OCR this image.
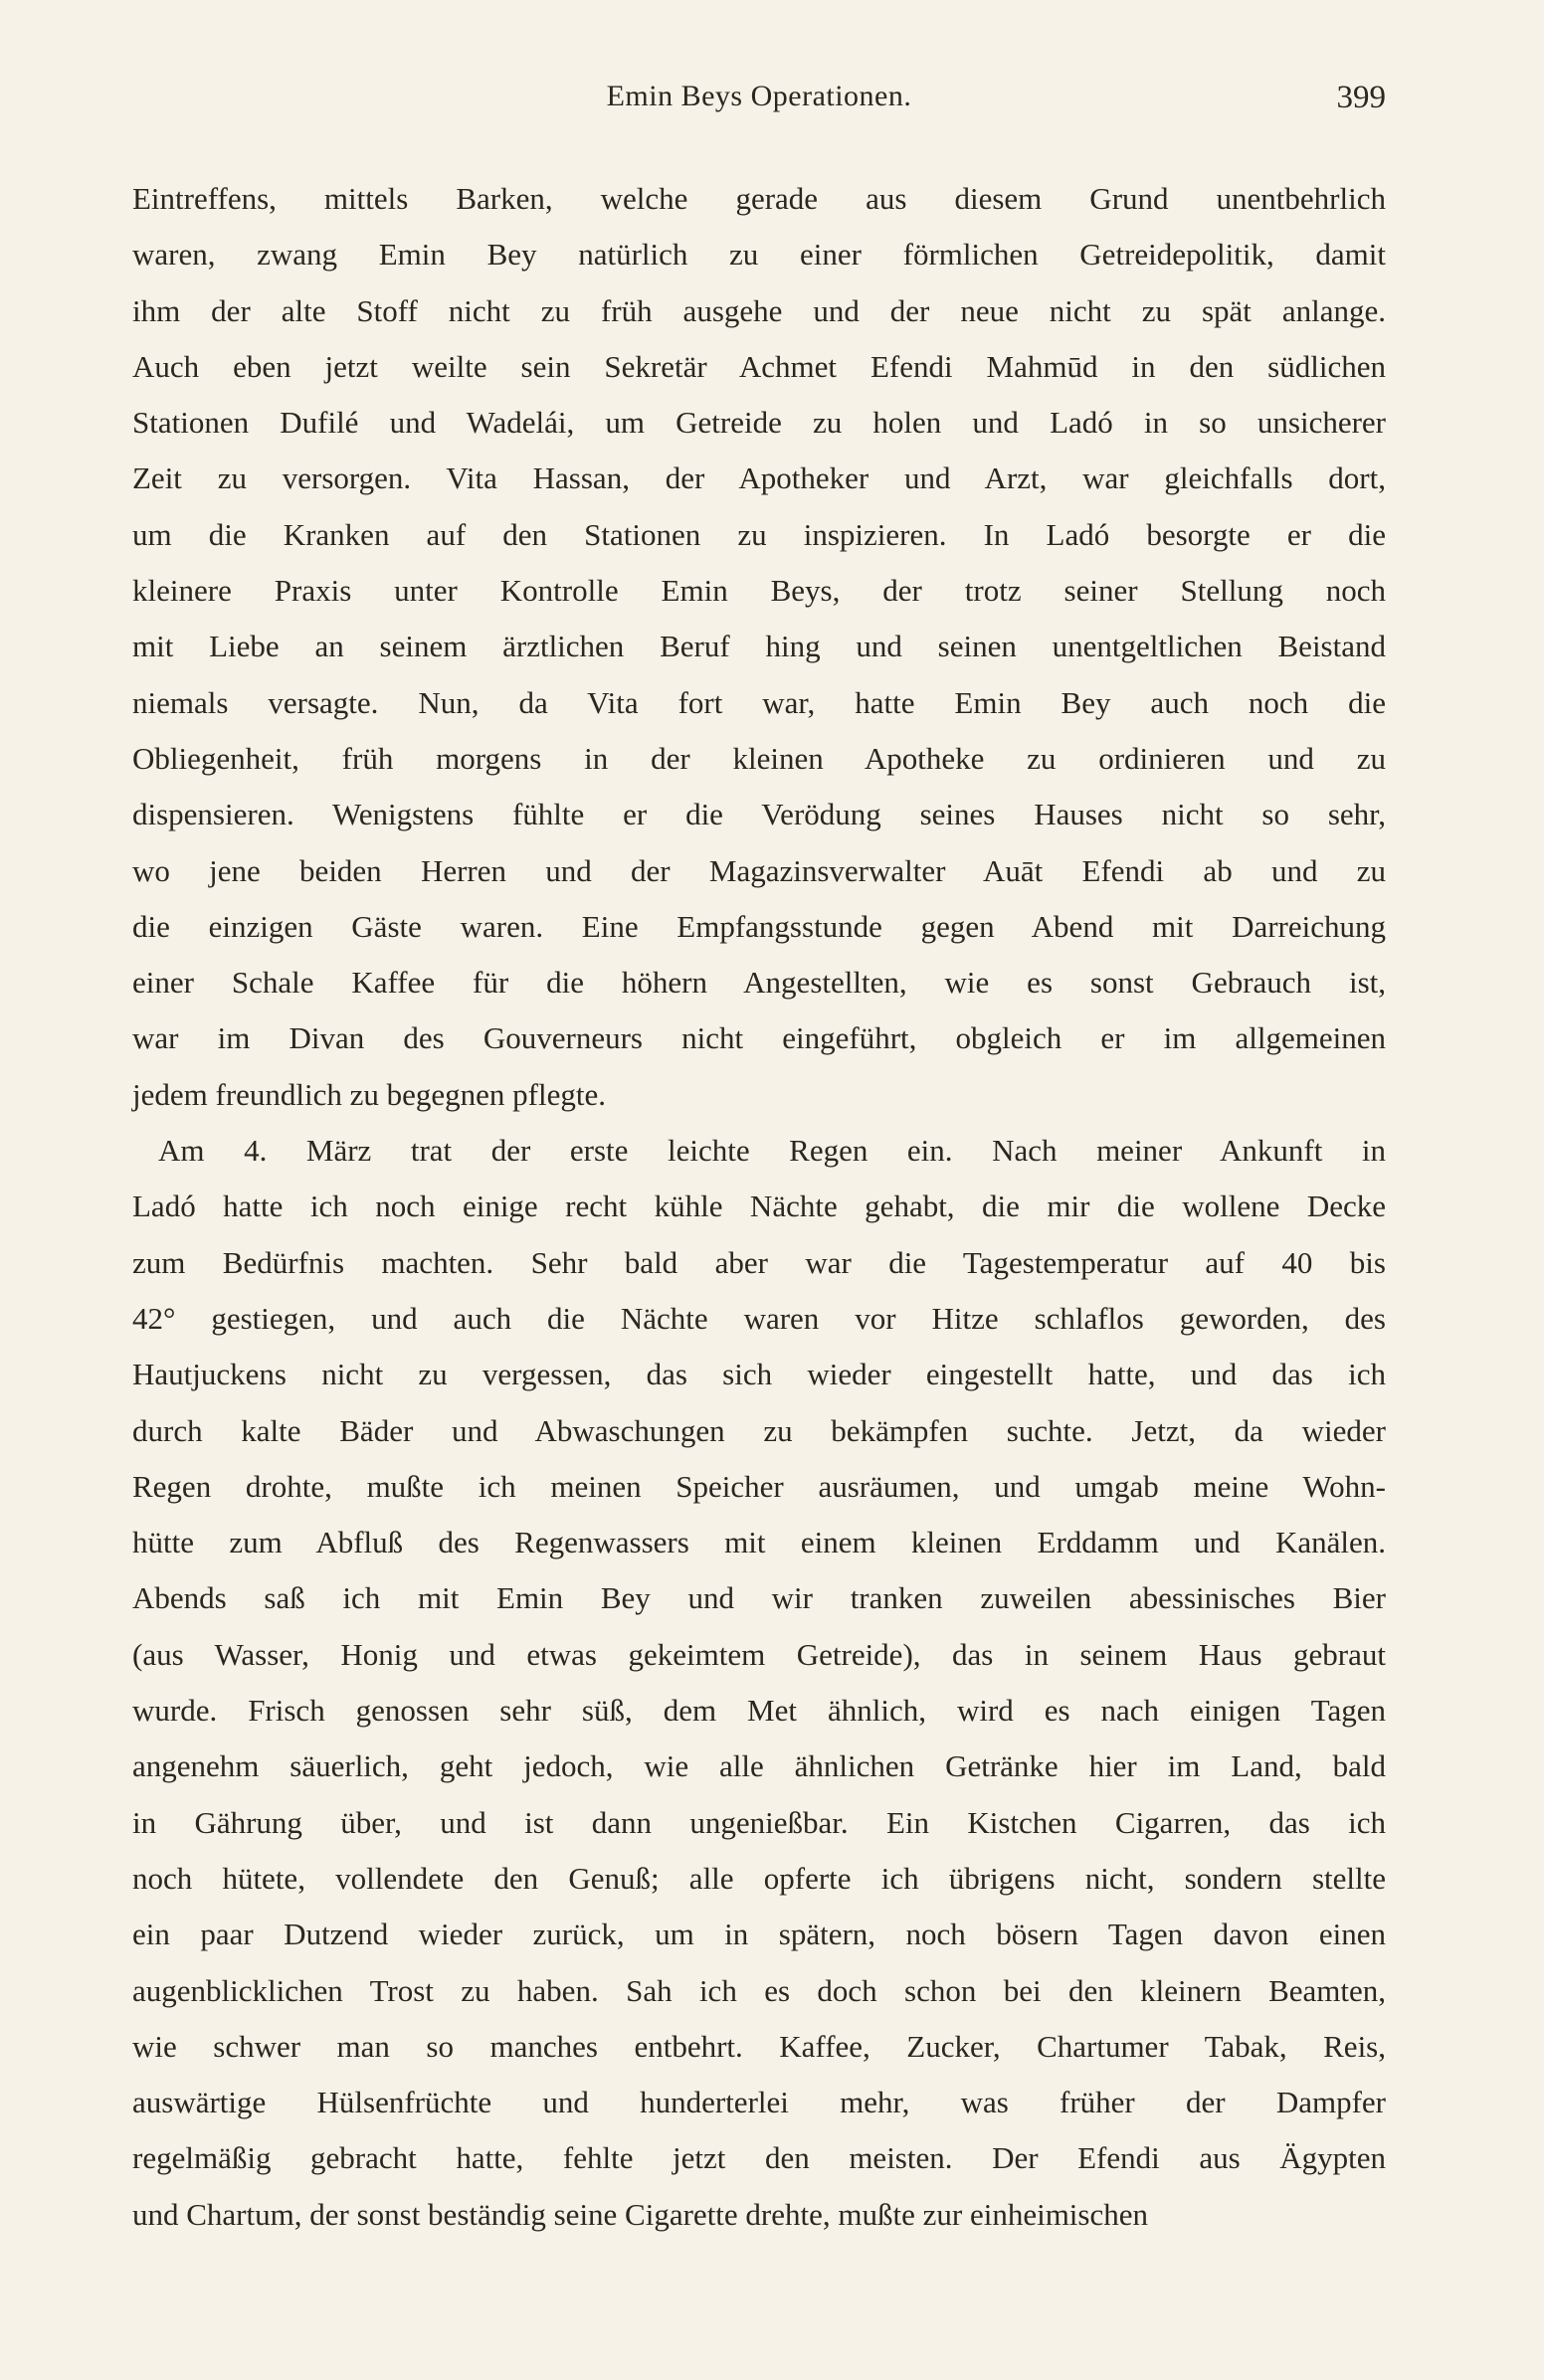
Emin Beys Operationen.	399
Eintreffens, mittels Barken, welche gerade aus diesem Grund unentbehrlich
waren, zwang Emin Bey natürlich zu einer förmlichen Getreidepolitik, damit
ihm der alte Stoff nicht zu früh ausgehe und der neue nicht zu spät anlange.
Auch eben jetzt weilte sein Sekretär Achmet Efendi Mahmūd in den südlichen
Stationen Dufilé und Wadelái, um Getreide zu holen und Ladó in so unsicherer
Zeit zu versorgen. Vita Hassan, der Apotheker und Arzt, war gleichfalls dort,
um die Kranken auf den Stationen zu inspizieren. In Ladó besorgte er die
kleinere Praxis unter Kontrolle Emin Beys, der trotz seiner Stellung noch
mit Liebe an seinem ärztlichen Beruf hing und seinen unentgeltlichen Beistand
niemals versagte. Nun, da Vita fort war, hatte Emin Bey auch noch die
Obliegenheit, früh morgens in der kleinen Apotheke zu ordinieren und zu
dispensieren. Wenigstens fühlte er die Verödung seines Hauses nicht so sehr,
wo jene beiden Herren und der Magazinsverwalter Auāt Efendi ab und zu
die einzigen Gäste waren. Eine Empfangsstunde gegen Abend mit Darreichung
einer Schale Kaffee für die höhern Angestellten, wie es sonst Gebrauch ist,
war im Divan des Gouverneurs nicht eingeführt, obgleich er im allgemeinen
jedem freundlich zu begegnen pflegte.
Am 4. März trat der erste leichte Regen ein. Nach meiner Ankunft in
Ladó hatte ich noch einige recht kühle Nächte gehabt, die mir die wollene Decke
zum Bedürfnis machten. Sehr bald aber war die Tagestemperatur auf 40 bis
42° gestiegen, und auch die Nächte waren vor Hitze schlaflos geworden, des
Hautjuckens nicht zu vergessen, das sich wieder eingestellt hatte, und das ich
durch kalte Bäder und Abwaschungen zu bekämpfen suchte. Jetzt, da wieder
Regen drohte, mußte ich meinen Speicher ausräumen, und umgab meine Wohn-
hütte zum Abfluß des Regenwassers mit einem kleinen Erddamm und Kanälen.
Abends saß ich mit Emin Bey und wir tranken zuweilen abessinisches Bier
(aus Wasser, Honig und etwas gekeimtem Getreide), das in seinem Haus gebraut
wurde. Frisch genossen sehr süß, dem Met ähnlich, wird es nach einigen Tagen
angenehm säuerlich, geht jedoch, wie alle ähnlichen Getränke hier im Land, bald
in Gährung über, und ist dann ungenießbar. Ein Kistchen Cigarren, das ich
noch hütete, vollendete den Genuß; alle opferte ich übrigens nicht, sondern stellte
ein paar Dutzend wieder zurück, um in spätern, noch bösern Tagen davon einen
augenblicklichen Trost zu haben. Sah ich es doch schon bei den kleinern Beamten,
wie schwer man so manches entbehrt. Kaffee, Zucker, Chartumer Tabak, Reis,
auswärtige Hülsenfrüchte und hunderterlei mehr, was früher der Dampfer
regelmäßig gebracht hatte, fehlte jetzt den meisten. Der Efendi aus Ägypten
und Chartum, der sonst beständig seine Cigarette drehte, mußte zur einheimischen
